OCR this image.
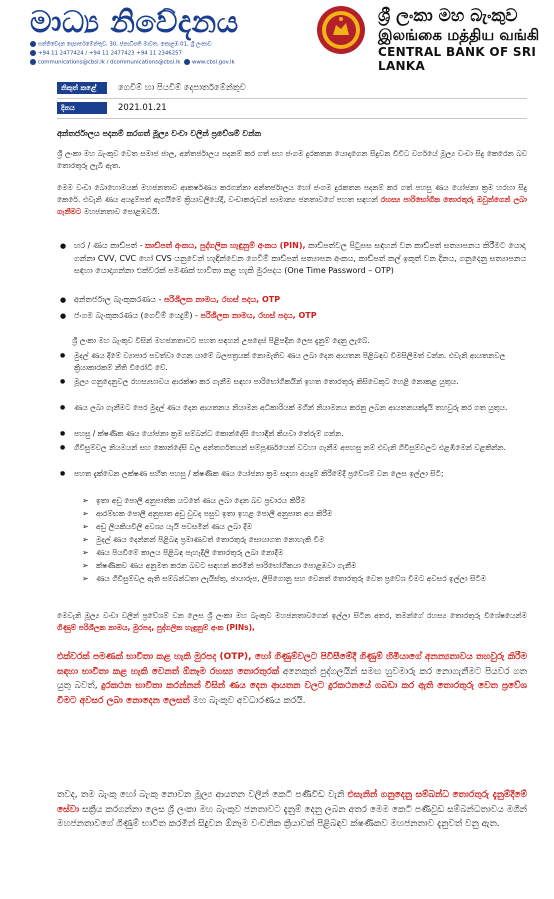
මාධ්‍ය නිවේදනය
සන්නිවේදන දෙපාර්තමේන්තුව, 30, ජනාධිපති මාවත, කොළඹ 01, ශ්‍රී ලංකාව
+94 11 2477424 / +94 11 2477423 +94 11 2346257
communications@cbsl.lk / dcommunications@cbsl.lk www.cbsl.gov.lk
ශ්‍රී ලංකා මහ බැංකුව
இலங்கை மத்திய வங்கி
CENTRAL BANK OF SRI LANKA
නිකුත් කළේ	ගෙවීම් හා පියවීම් දෙපාර්තමේන්තුව
දිනය	2021.01.21
අන්තර්ජාලය පදනම් කරගත් මූල්‍ය වංචා වලින් ප්‍රවේශම් වන්න
ශ්‍රී ලංකා මහ බැංකුව වෙත සමාජ ජාල, අන්තර්ජාලය පදනම් කර ගත් සහ ජංගම දුරකතන යොදාගෙන සිදුවන විවිධ වර්ගයේ මූල්‍ය වංචා සිදු කෙරෙන බව තොරතුරු ලැබී ඇත.
මෙම වංචා බොහොමයක් මහජනතාව ආකර්ෂණය කරගන්නා අන්තර්ජාලය හෝ ජංගම දුරකතන පදනම් කර ගත් පහසු ණය යෝජනා ක්‍රම හරහා සිදු කෙරේ. එවැනි ණය අයදුම්පත් ඇගයීමේ ක්‍රියාවලියේදී, වංචාකරුවන් සාමාන්‍ය ජනතාවගේ පහත සඳහන් රහස්‍ය පාරිභෝගික තොරතුරු ඔවුන්ගෙන් ලබා ගැනීමට මහජනතාව පොළඹවයි.
● හර / ණය කාඩ්පත් - කාඩ්පත් අංකය, පුද්ගලික හැඳුනුම් අංකය (PIN), කාඩ්පත්වල පිටුපස සඳහන් වන කාඩ්පත් සත්‍යාපනය කිරීමට යොදා ගන්නා CVV, CVC හෝ CVS යනුවෙන් හැඳින්වෙන ගෙවීම් කාඩ්පත් සත්‍යාපන අංකය, කාඩ්පත් කල් ඉකුත් වන දිනය, ගනුදෙනු සත්‍යාපනය සඳහා යොදාගන්නා එක්වරක් පමණක් භාවිතා කළ හැකි මුරපදය (One Time Password – OTP)
● අන්තර්ජාල බැංකුකරණය - පරිශීලක නාමය, රහස් පදය, OTP
● ජංගම බැංකුකරණය (ගෙවීම් යෙදුම්) - පරිශීලක නාමය, රහස් පදය, OTP
ශ්‍රී ලංකා මහ බැංකුව විසින් මහජනතාවට පහත සඳහන් උපදෙස් පිළිපදින ලෙස දැනුම් දෙනු ලැබේ.
● මුදල් ණය දීමේ ව්‍යාපාර පවත්වා ගෙන යාමේ බලපත්‍රයක් නොමැතිව ණය ලබා දෙන ආයතන පිළිබඳව විමසිලිමත් වන්න. එවැනි ආයතනවල ක්‍රියාකාරකම් නීති විරෝධී වේ.
● මූල්‍ය ගනුදෙනුවල රහස්‍යභාවය ආරක්ෂා කර ගැනීම සඳහා පාරිභෝගිකයින් ඉහත තොරතුරු කිසිවෙකුට හෙළි නොකළ යුතුය.
● ණය ලබා ගැනීමට පෙර මුදල් ණය දෙන ආයතනය නියාමන අධිකාරියක් මගින් නියාමනය කරනු ලබන ආයතනයක්දැයි තහවුරු කර ගත යුතුය.
● පහසු / ක්ෂණික ණය යෝජනා ක්‍රම සම්බන්ධ කොන්දේසි හොඳින් කියවා තේරුම් ගන්න.
● ගිවිසුම්වල නියමයන් සහ කොන්දේසි වල අන්තර්ගතයන් සම්පූර්ණයෙන් වටහා ගැනීම අපහසු නම් එවැනි ගිවිසුම්වලට එළඹීමෙන් වළකින්න.
● පහත දැක්වෙන ලක්ෂණ සහිත පහසු / ක්ෂණික ණය යෝජනා ක්‍රම සඳහා අයදුම් කිරීමේදී ප්‍රවේශම් වන ලෙස ඉල්ලා සිටී;
➢ ඉතා අඩු පොලී අනුපාතික යටතේ ණය ලබා දෙන බව ප්‍රචාරය කිරීම
➢ ආරම්භක පොලී අනුපාත අඩු වුවද පසුව ඉතා ඉහළ පොලී අනුපාත අය කිරීම
➢ අඩු ලියකියවිලි අවශ්‍ය යැයි පවසමින් ණය ලබා දීම
➢ මුදල් ණය දෙන්නන් පිළිබඳ ප්‍රමාණවත් තොරතුරු සොයාගත නොහැකි වීම
➢ ණය පියවීමේ කාලය පිළිබඳ පැහැදිලි තොරතුරු ලබා නොදීම
➢ ක්ෂණිකව ණය අනුමත කරන බවට සඳහන් කරමින් පාරිභෝගිකයා පොළඹවා ගැනීම
➢ ණය ගිවිසුම්වල ඇති සම්බන්ධතා ලැයිස්තු, ඡායාරූප, ලිපිගොනු සහ වෙනත් තොරතුරු වෙත ප්‍රවේශ වීමට අවසර ඉල්ලා සිටීම
මෙවැනි මූල්‍ය වංචා වලින් ප්‍රවේශම් වන ලෙස ශ්‍රී ලංකා මහ බැංකුව මහජනතාවගෙන් ඉල්ලා සිටින අතර, තමන්ගේ රහස්‍ය තොරතුරු විශේෂයෙන්ම ගිණුම් පරිශීලක නාමය, මුරපද, පුද්ගලික හැඳුනුම් අංක (PINs),
එක්වරක් පමණක් භාවිතා කළ හැකි මුරපද (OTP), හෝ ගිණුම්වලට පිවිසීමේදී ගිණුම් හිමියාගේ අනන්‍යතාවය තහවුරු කිරීම සඳහා භාවිතා කළ හැකි වෙනත් ඕනෑම රහස්‍ය තොරතුරක් අනෙකුත් පුද්ගලයින් සමඟ හුවමාරු කර නොගැනීමට පියවර ගත යුතු බවත්, දුරකථන භාවිතා කරන්නන් විසින් ණය දෙන ආයතන වලට දුරකථනයේ ගබඩා කර ඇති තොරතුරු වෙත ප්‍රවේශ වීමට අවසර ලබා නොදෙන ලෙසත් මහ බැංකුව අවධාරණය කරයි.
තවද, තම බැංකු හෝ බැංකු නොවන මූල්‍ය ආයතන වලින් කෙටි පණිවිඩ වැනි එසැනින් ගනුදෙනු සම්බන්ධ තොරතුරු දැනුම්දීමේ සේවා සක්‍රීය කරගන්නා ලෙස ශ්‍රී ලංකා මහ බැංකුව ජනතාවට දැනුම් දෙනු ලබන අතර මෙම කෙටි පණිවුඩ සම්බන්ධතාවය මගින් මහජනතාවගේ ගිණුම් භාවිත කරමින් සිදුවන ඕනෑම වංචනික ක්‍රියාවක් පිළිබඳව ක්ෂණිකව මහජනතාව දැනුවත් වනු ඇත.
